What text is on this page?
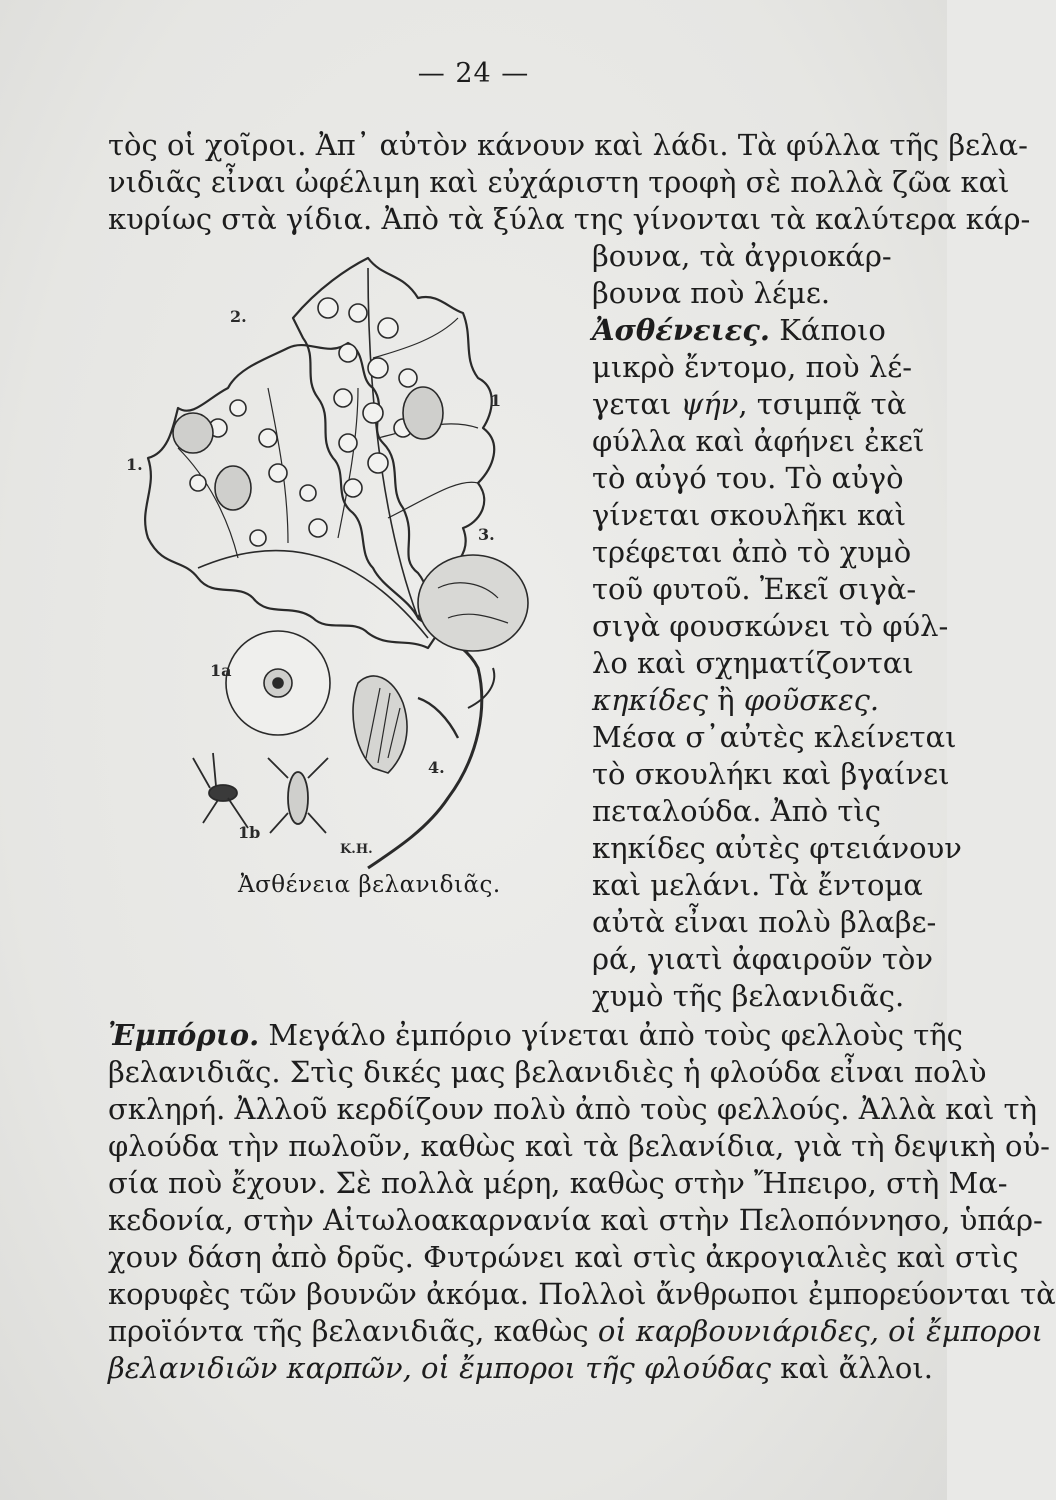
— 24 —
τὸς οἱ χοῖροι. Ἀπ᾽ αὐτὸν κάνουν καὶ λάδι. Τὰ φύλλα τῆς βελα-
νιδιᾶς εἶναι ὠφέλιμη καὶ εὐχάριστη τροφὴ σὲ πολλὰ ζῶα καὶ
κυρίως στὰ γίδια. Ἀπὸ τὰ ξύλα της γίνονται τὰ καλύτερα κάρ-
βουνα, τὰ ἀγριοκάρ-
βουνα ποὺ λέμε.
Ἀσθένειες. Κάποιο
μικρὸ ἔντομο, ποὺ λέ-
γεται ψήν, τσιμπᾷ τὰ
φύλλα καὶ ἀφήνει ἐκεῖ
τὸ αὐγό του. Τὸ αὐγὸ
γίνεται σκουλῆκι καὶ
τρέφεται ἀπὸ τὸ χυμὸ
τοῦ φυτοῦ. Ἐκεῖ σιγὰ-
σιγὰ φουσκώνει τὸ φύλ-
λο καὶ σχηματίζονται
κηκίδες ἢ φοῦσκες.
Μέσα σ᾽αὐτὲς κλείνεται
τὸ σκουλήκι καὶ βγαίνει
πεταλούδα. Ἀπὸ τὶς
κηκίδες αὐτὲς φτειάνουν
καὶ μελάνι. Τὰ ἔντομα
αὐτὰ εἶναι πολὺ βλαβε-
ρά, γιατὶ ἀφαιροῦν τὸν
χυμὸ τῆς βελανιδιᾶς.
2.
1
1.
3.
1a
1b
4.
Κ.Η.
Ἀσθένεια βελανιδιᾶς.
Ἐμπόριο. Μεγάλο ἐμπόριο γίνεται ἀπὸ τοὺς φελλοὺς τῆς
βελανιδιᾶς. Στὶς δικές μας βελανιδιὲς ἡ φλούδα εἶναι πολὺ
σκληρή. Ἀλλοῦ κερδίζουν πολὺ ἀπὸ τοὺς φελλούς. Ἀλλὰ καὶ τὴ
φλούδα τὴν πωλοῦν, καθὼς καὶ τὰ βελανίδια, γιὰ τὴ δεψικὴ οὐ-
σία ποὺ ἔχουν. Σὲ πολλὰ μέρη, καθὼς στὴν Ἤπειρο, στὴ Μα-
κεδονία, στὴν Αἰτωλοακαρνανία καὶ στὴν Πελοπόννησο, ὑπάρ-
χουν δάση ἀπὸ δρῦς. Φυτρώνει καὶ στὶς ἀκρογιαλιὲς καὶ στὶς
κορυφὲς τῶν βουνῶν ἀκόμα. Πολλοὶ ἄνθρωποι ἐμπορεύονται τὰ
προϊόντα τῆς βελανιδιᾶς, καθὼς οἱ καρβουνιάριδες, οἱ ἔμποροι
βελανιδιῶν καρπῶν, οἱ ἔμποροι τῆς φλούδας καὶ ἄλλοι.
